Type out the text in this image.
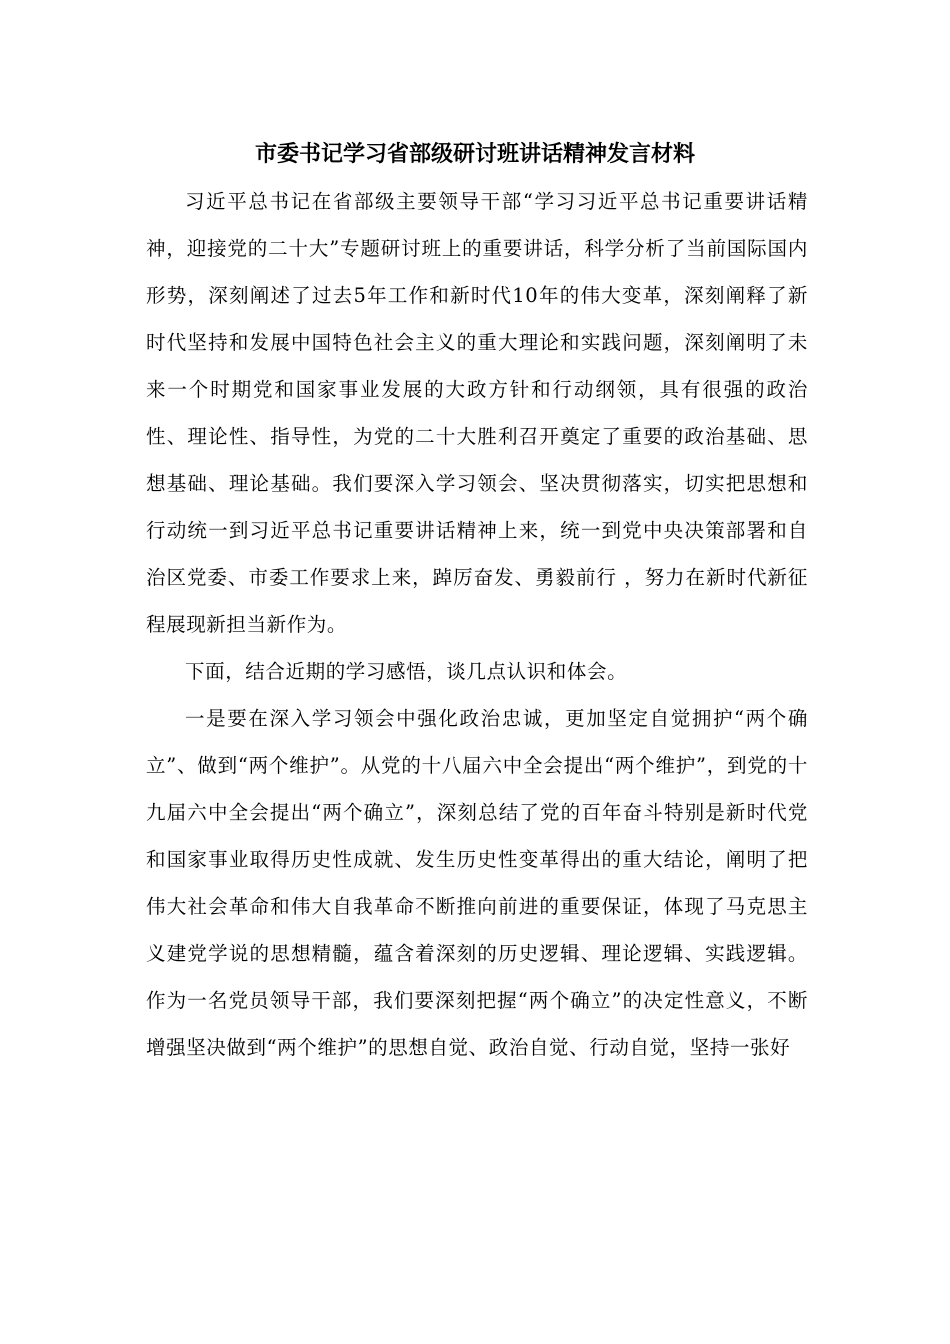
市委书记学习省部级研讨班讲话精神发言材料

习近平总书记在省部级主要领导干部“学习习近平总书记重要讲话精神，迎接党的二十大”专题研讨班上的重要讲话，科学分析了当前国际国内形势，深刻阐述了过去5年工作和新时代10年的伟大变革，深刻阐释了新时代坚持和发展中国特色社会主义的重大理论和实践问题，深刻阐明了未来一个时期党和国家事业发展的大政方针和行动纲领，具有很强的政治性、理论性、指导性，为党的二十大胜利召开奠定了重要的政治基础、思想基础、理论基础。我们要深入学习领会、坚决贯彻落实，切实把思想和行动统一到习近平总书记重要讲话精神上来，统一到党中央决策部署和自治区党委、市委工作要求上来，踔厉奋发、勇毅前行 ，努力在新时代新征程展现新担当新作为。

下面，结合近期的学习感悟，谈几点认识和体会。

一是要在深入学习领会中强化政治忠诚，更加坚定自觉拥护“两个确立”、做到“两个维护”。从党的十八届六中全会提出“两个维护”，到党的十九届六中全会提出“两个确立”，深刻总结了党的百年奋斗特别是新时代党和国家事业取得历史性成就、发生历史性变革得出的重大结论，阐明了把伟大社会革命和伟大自我革命不断推向前进的重要保证，体现了马克思主义建党学说的思想精髓，蕴含着深刻的历史逻辑、理论逻辑、实践逻辑。作为一名党员领导干部，我们要深刻把握“两个确立”的决定性意义，不断增强坚决做到“两个维护”的思想自觉、政治自觉、行动自觉，坚持一张好
